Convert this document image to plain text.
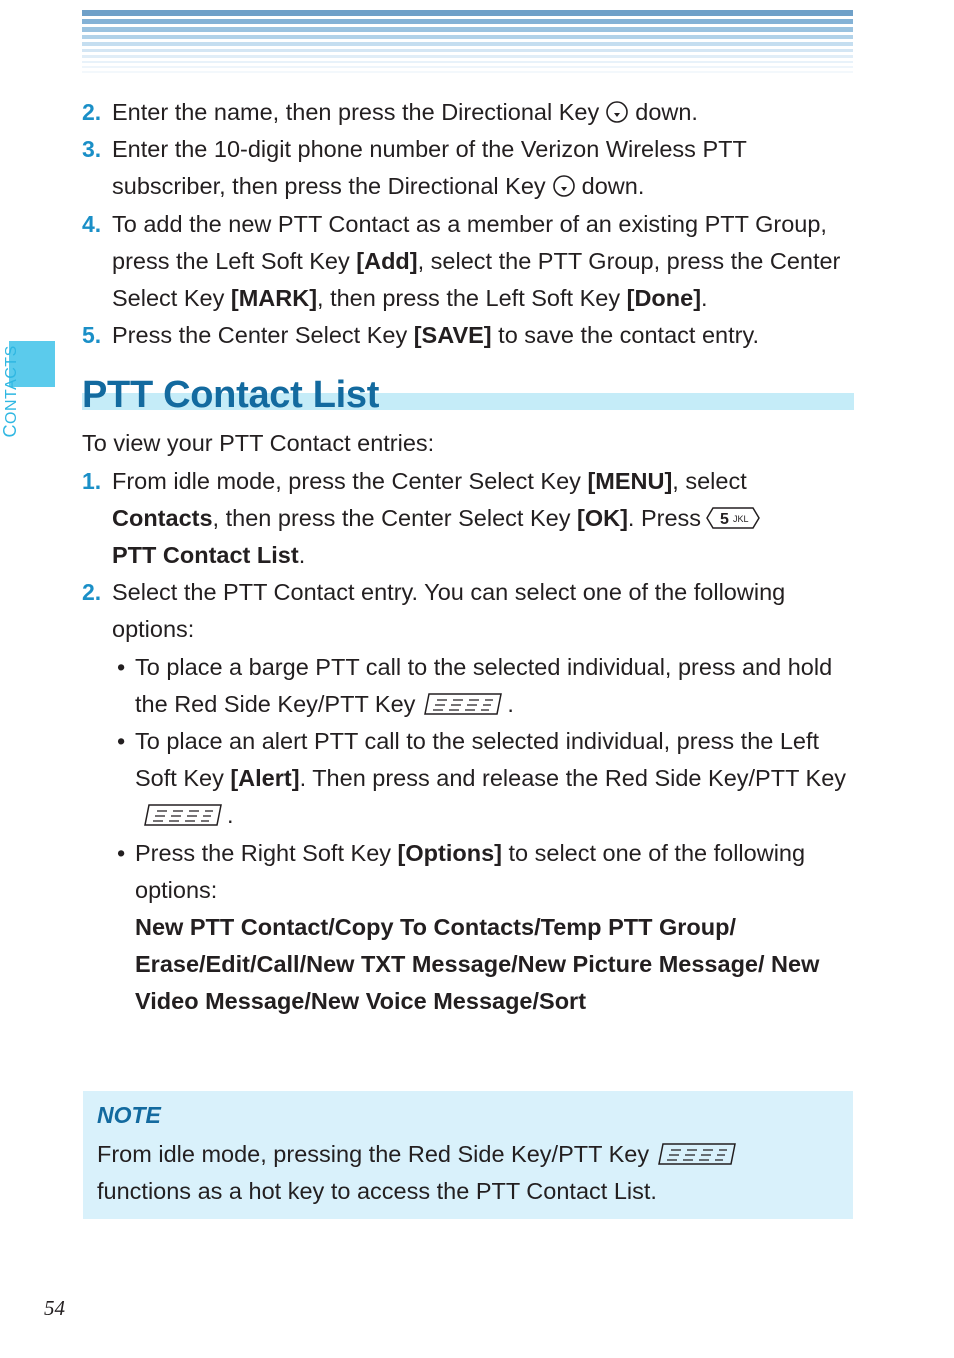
CONTACTS
2. Enter the name, then press the Directional Key down.
3. Enter the 10-digit phone number of the Verizon Wireless PTT subscriber, then press the Directional Key down.
4. To add the new PTT Contact as a member of an existing PTT Group, press the Left Soft Key [Add], select the PTT Group, press the Center Select Key [MARK], then press the Left Soft Key [Done].
5. Press the Center Select Key [SAVE] to save the contact entry.
PTT Contact List
To view your PTT Contact entries:
1. From idle mode, press the Center Select Key [MENU], select Contacts, then press the Center Select Key [OK]. Press 5 JKL

PTT Contact List.
2. Select the PTT Contact entry. You can select one of the following options:
• To place a barge PTT call to the selected individual, press and hold the Red Side Key/PTT Key	.
• To place an alert PTT call to the selected individual, press the Left Soft Key [Alert]. Then press and release the Red Side Key/PTT Key.
• Press the Right Soft Key [Options] to select one of the following options:
New PTT Contact/Copy To Contacts/Temp PTT Group/ Erase/Edit/Call/New TXT Message/New Picture Message/ New Video Message/New Voice Message/Sort
NOTE
From idle mode, pressing the Red Side Key/PTT Key
functions as a hot key to access the PTT Contact List.
54
